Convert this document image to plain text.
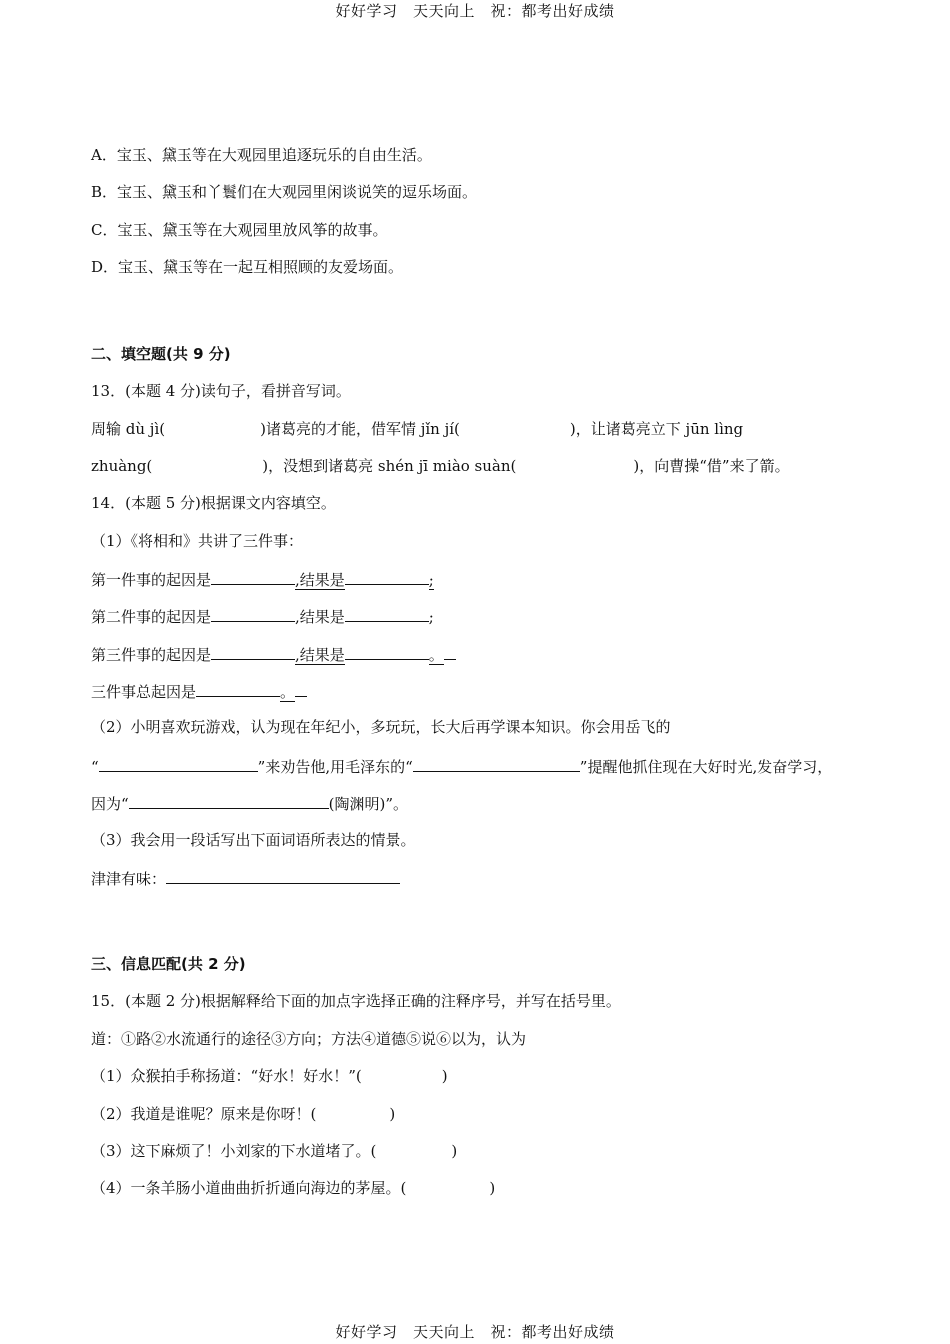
好好学习　天天向上　祝：都考出好成绩
A．宝玉、黛玉等在大观园里追逐玩乐的自由生活。
B．宝玉、黛玉和丫鬟们在大观园里闲谈说笑的逗乐场面。
C．宝玉、黛玉等在大观园里放风筝的故事。
D．宝玉、黛玉等在一起互相照顾的友爱场面。
二、填空题(共 9 分)
13．(本题 4 分)读句子，看拼音写词。
周输 dù jì(	)诸葛亮的才能，借军情 jǐn jí(	)，让诸葛亮立下 jūn lìng
zhuàng(	)，没想到诸葛亮 shén jī miào suàn(	)，向曹操“借”来了箭。
14．(本题 5 分)根据课文内容填空。
（1）《将相和》共讲了三件事：
第一件事的起因是	,结果是	;
第二件事的起因是	,结果是	;
第三件事的起因是	,结果是	。
三件事总起因是	。
（2）小明喜欢玩游戏，认为现在年纪小，多玩玩，长大后再学课本知识。你会用岳飞的
“	”来劝告他,用毛泽东的“	”提醒他抓住现在大好时光,发奋学习，
因为“	(陶渊明)”。
（3）我会用一段话写出下面词语所表达的情景。
津津有味：
三、信息匹配(共 2 分)
15．(本题 2 分)根据解释给下面的加点字选择正确的注释序号，并写在括号里。
道：①路②水流通行的途径③方向；方法④道德⑤说⑥以为，认为
（1）众猴拍手称扬道：“好水！好水！”(	)
（2）我道是谁呢？原来是你呀！(	)
（3）这下麻烦了！小刘家的下水道堵了。(	)
（4）一条羊肠小道曲曲折折通向海边的茅屋。(	)
好好学习　天天向上　祝：都考出好成绩
